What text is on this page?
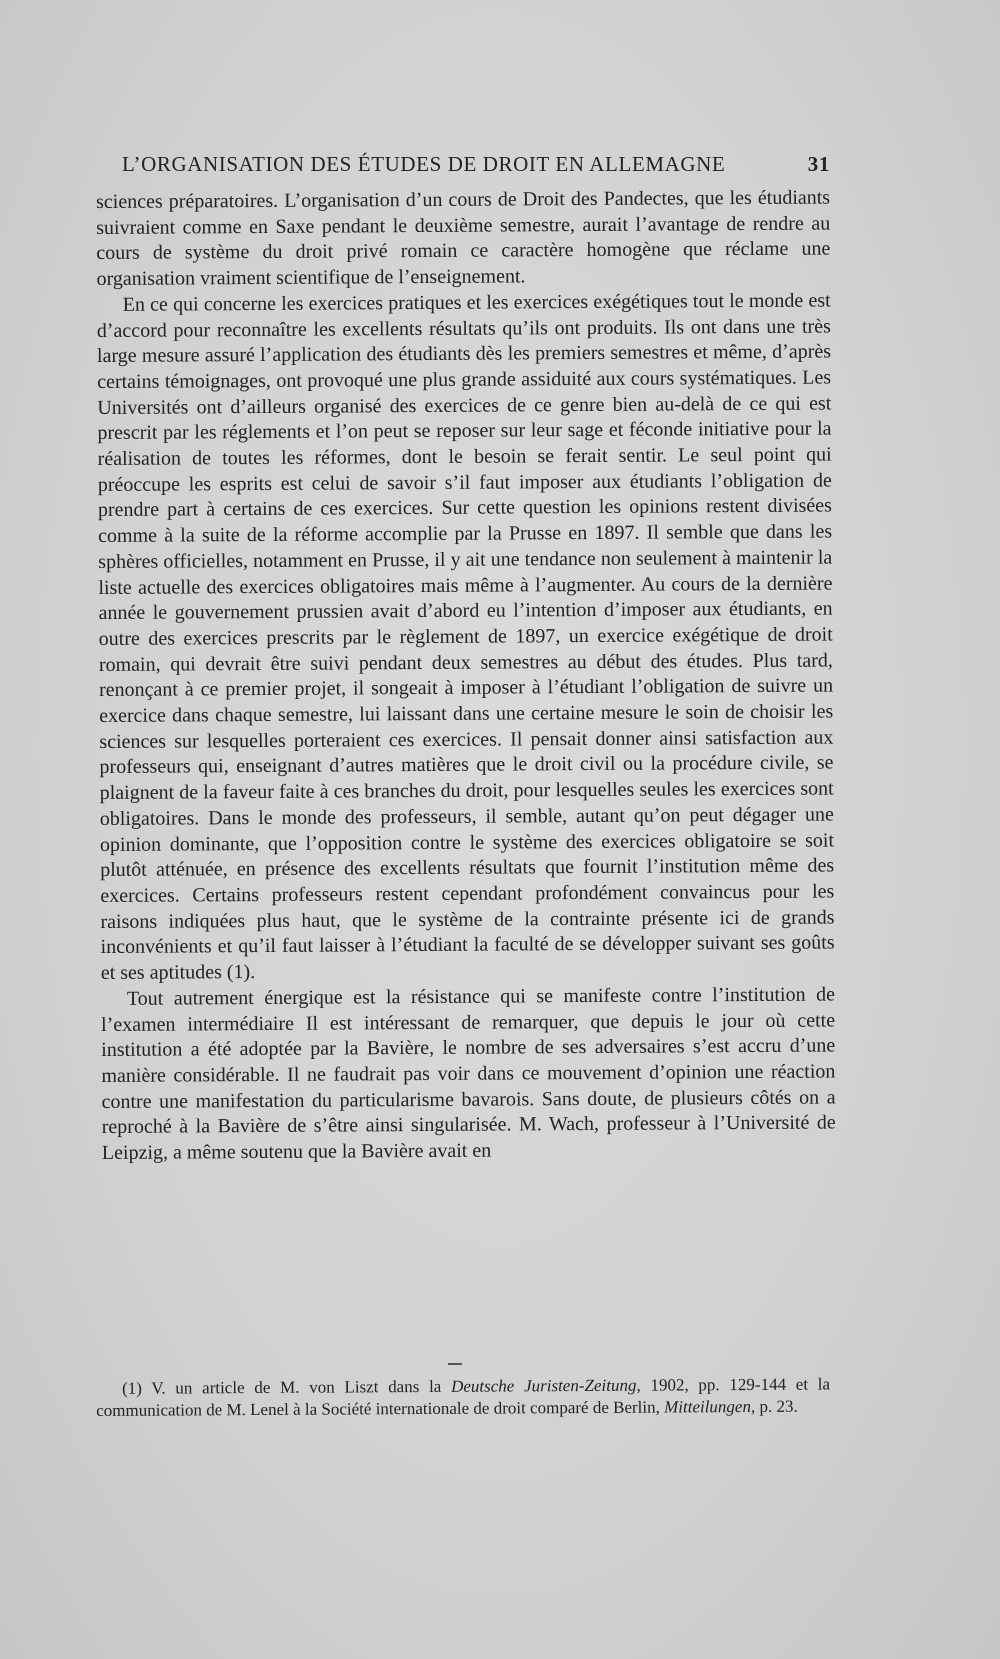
L’ORGANISATION DES ÉTUDES DE DROIT EN ALLEMAGNE	31

sciences préparatoires. L’organisation d’un cours de Droit des Pandectes, que les étudiants suivraient comme en Saxe pendant le deuxième semestre, aurait l’avantage de rendre au cours de système du droit privé romain ce caractère homogène que réclame une organisation vraiment scientifique de l’enseignement.

En ce qui concerne les exercices pratiques et les exercices exégétiques tout le monde est d’accord pour reconnaître les excellents résultats qu’ils ont produits. Ils ont dans une très large mesure assuré l’application des étudiants dès les premiers semestres et même, d’après certains témoignages, ont provoqué une plus grande assiduité aux cours systématiques. Les Universités ont d’ailleurs organisé des exercices de ce genre bien au-delà de ce qui est prescrit par les réglements et l’on peut se reposer sur leur sage et féconde initiative pour la réalisation de toutes les réformes, dont le besoin se ferait sentir. Le seul point qui préoccupe les esprits est celui de savoir s’il faut imposer aux étudiants l’obligation de prendre part à certains de ces exercices. Sur cette question les opinions restent divisées comme à la suite de la réforme accomplie par la Prusse en 1897. Il semble que dans les sphères officielles, notamment en Prusse, il y ait une tendance non seulement à maintenir la liste actuelle des exercices obligatoires mais même à l’augmenter. Au cours de la dernière année le gouvernement prussien avait d’abord eu l’intention d’imposer aux étudiants, en outre des exercices prescrits par le règlement de 1897, un exercice exégétique de droit romain, qui devrait être suivi pendant deux semestres au début des études. Plus tard, renonçant à ce premier projet, il songeait à imposer à l’étudiant l’obligation de suivre un exercice dans chaque semestre, lui laissant dans une certaine mesure le soin de choisir les sciences sur lesquelles porteraient ces exercices. Il pensait donner ainsi satisfaction aux professeurs qui, enseignant d’autres matières que le droit civil ou la procédure civile, se plaignent de la faveur faite à ces branches du droit, pour lesquelles seules les exercices sont obligatoires. Dans le monde des professeurs, il semble, autant qu’on peut dégager une opinion dominante, que l’opposition contre le système des exercices obligatoire se soit plutôt atténuée, en présence des excellents résultats que fournit l’institution même des exercices. Certains professeurs restent cependant profondément convaincus pour les raisons indiquées plus haut, que le système de la contrainte présente ici de grands inconvénients et qu’il faut laisser à l’étudiant la faculté de se développer suivant ses goûts et ses aptitudes (1).

Tout autrement énergique est la résistance qui se manifeste contre l’institution de l’examen intermédiaire Il est intéressant de remarquer, que depuis le jour où cette institution a été adoptée par la Bavière, le nombre de ses adversaires s’est accru d’une manière considérable. Il ne faudrait pas voir dans ce mouvement d’opinion une réaction contre une manifestation du particularisme bavarois. Sans doute, de plusieurs côtés on a reproché à la Bavière de s’être ainsi singularisée. M. Wach, professeur à l’Université de Leipzig, a même soutenu que la Bavière avait en

(1) V. un article de M. von Liszt dans la Deutsche Juristen-Zeitung, 1902, pp. 129-144 et la communication de M. Lenel à la Société internationale de droit comparé de Berlin, Mitteilungen, p. 23.
